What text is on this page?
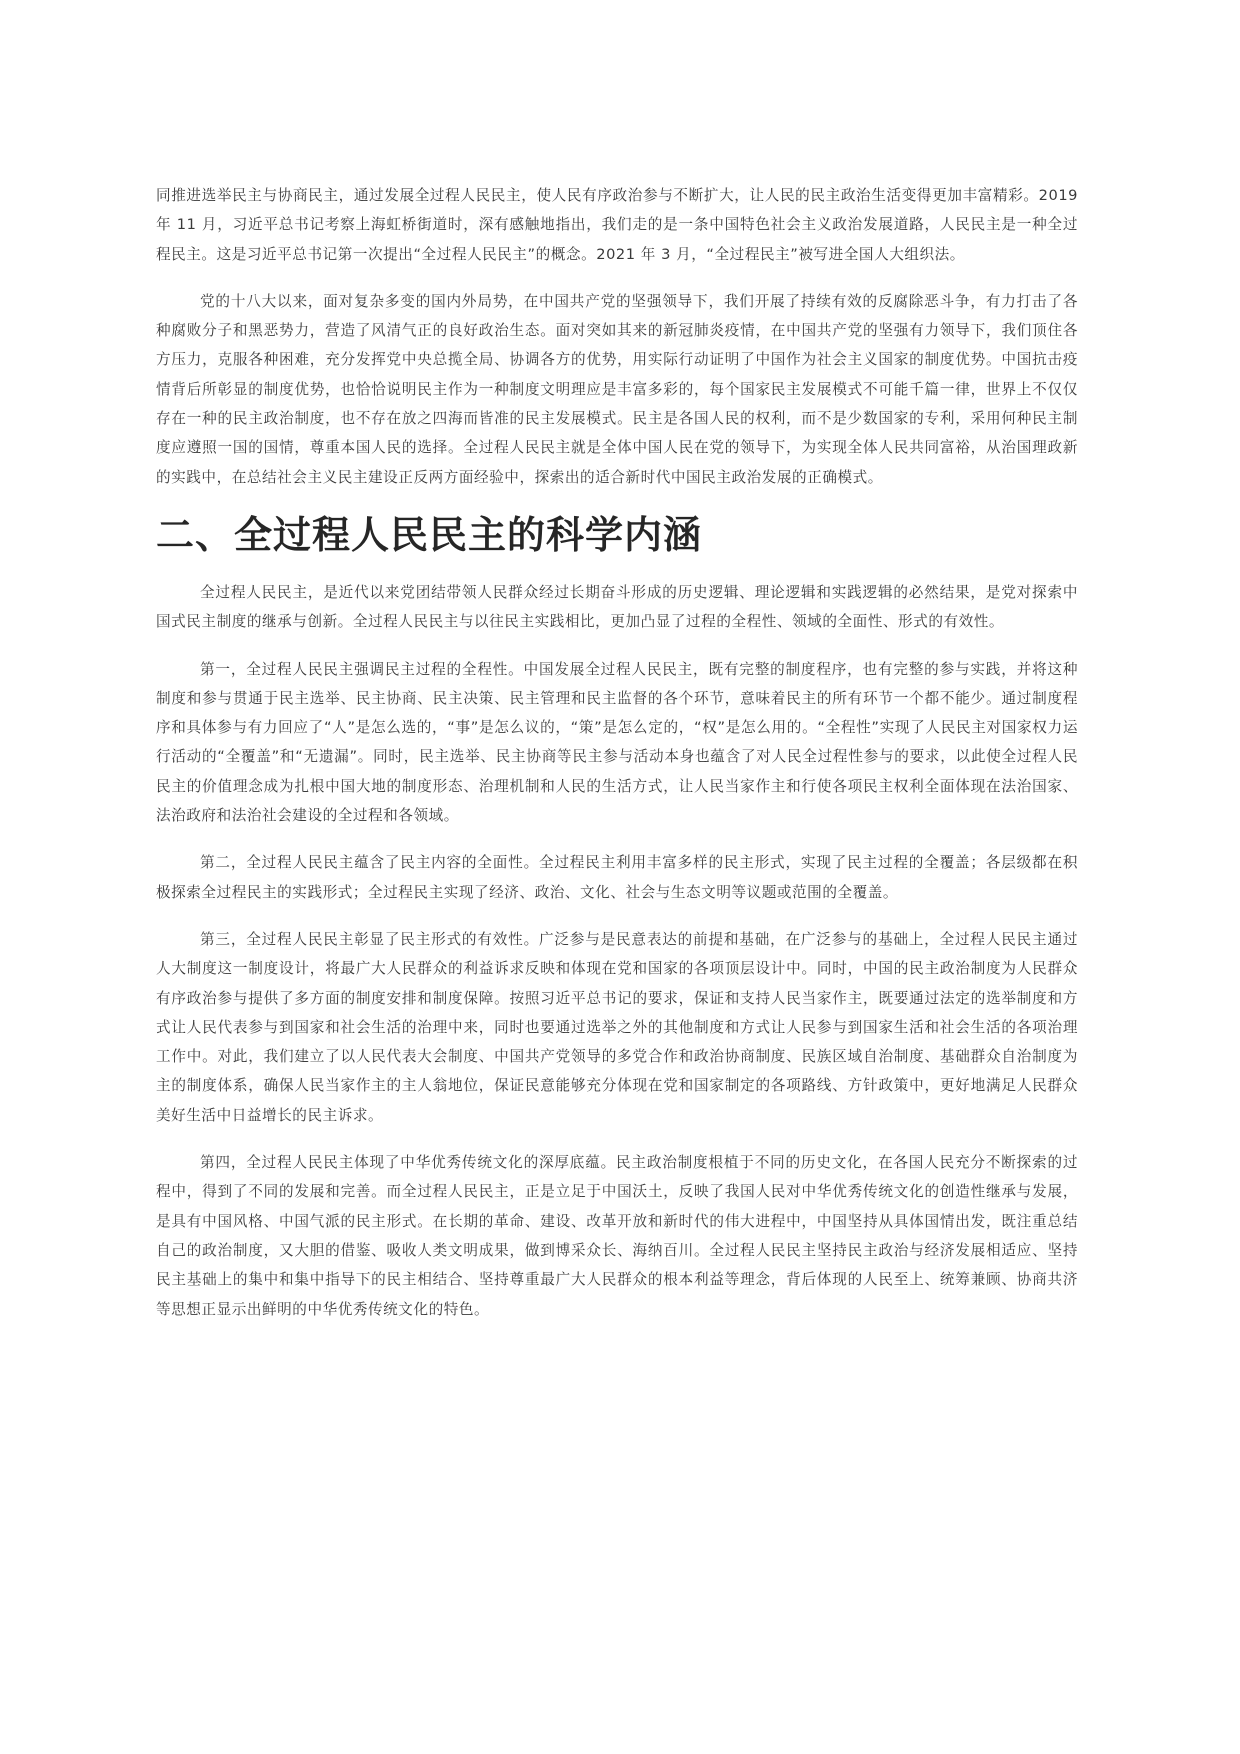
同推进选举民主与协商民主，通过发展全过程人民民主，使人民有序政治参与不断扩大，让人民的民主政治生活变得更加丰富精彩。2019 年 11 月，习近平总书记考察上海虹桥街道时，深有感触地指出，我们走的是一条中国特色社会主义政治发展道路，人民民主是一种全过程民主。这是习近平总书记第一次提出“全过程人民民主”的概念。2021 年 3 月，“全过程民主”被写进全国人大组织法。

党的十八大以来，面对复杂多变的国内外局势，在中国共产党的坚强领导下，我们开展了持续有效的反腐除恶斗争，有力打击了各种腐败分子和黑恶势力，营造了风清气正的良好政治生态。面对突如其来的新冠肺炎疫情，在中国共产党的坚强有力领导下，我们顶住各方压力，克服各种困难，充分发挥党中央总揽全局、协调各方的优势，用实际行动证明了中国作为社会主义国家的制度优势。中国抗击疫情背后所彰显的制度优势，也恰恰说明民主作为一种制度文明理应是丰富多彩的，每个国家民主发展模式不可能千篇一律，世界上不仅仅存在一种的民主政治制度，也不存在放之四海而皆准的民主发展模式。民主是各国人民的权利，而不是少数国家的专利，采用何种民主制度应遵照一国的国情，尊重本国人民的选择。全过程人民民主就是全体中国人民在党的领导下，为实现全体人民共同富裕，从治国理政新的实践中，在总结社会主义民主建设正反两方面经验中，探索出的适合新时代中国民主政治发展的正确模式。

二、全过程人民民主的科学内涵

全过程人民民主，是近代以来党团结带领人民群众经过长期奋斗形成的历史逻辑、理论逻辑和实践逻辑的必然结果，是党对探索中国式民主制度的继承与创新。全过程人民民主与以往民主实践相比，更加凸显了过程的全程性、领域的全面性、形式的有效性。

第一，全过程人民民主强调民主过程的全程性。中国发展全过程人民民主，既有完整的制度程序，也有完整的参与实践，并将这种制度和参与贯通于民主选举、民主协商、民主决策、民主管理和民主监督的各个环节，意味着民主的所有环节一个都不能少。通过制度程序和具体参与有力回应了“人”是怎么选的，“事”是怎么议的，“策”是怎么定的，“权”是怎么用的。“全程性”实现了人民民主对国家权力运行活动的“全覆盖”和“无遗漏”。同时，民主选举、民主协商等民主参与活动本身也蕴含了对人民全过程性参与的要求，以此使全过程人民民主的价值理念成为扎根中国大地的制度形态、治理机制和人民的生活方式，让人民当家作主和行使各项民主权利全面体现在法治国家、法治政府和法治社会建设的全过程和各领域。

第二，全过程人民民主蕴含了民主内容的全面性。全过程民主利用丰富多样的民主形式，实现了民主过程的全覆盖；各层级都在积极探索全过程民主的实践形式；全过程民主实现了经济、政治、文化、社会与生态文明等议题或范围的全覆盖。

第三，全过程人民民主彰显了民主形式的有效性。广泛参与是民意表达的前提和基础，在广泛参与的基础上，全过程人民民主通过人大制度这一制度设计，将最广大人民群众的利益诉求反映和体现在党和国家的各项顶层设计中。同时，中国的民主政治制度为人民群众有序政治参与提供了多方面的制度安排和制度保障。按照习近平总书记的要求，保证和支持人民当家作主，既要通过法定的选举制度和方式让人民代表参与到国家和社会生活的治理中来，同时也要通过选举之外的其他制度和方式让人民参与到国家生活和社会生活的各项治理工作中。对此，我们建立了以人民代表大会制度、中国共产党领导的多党合作和政治协商制度、民族区域自治制度、基础群众自治制度为主的制度体系，确保人民当家作主的主人翁地位，保证民意能够充分体现在党和国家制定的各项路线、方针政策中，更好地满足人民群众美好生活中日益增长的民主诉求。

第四，全过程人民民主体现了中华优秀传统文化的深厚底蕴。民主政治制度根植于不同的历史文化，在各国人民充分不断探索的过程中，得到了不同的发展和完善。而全过程人民民主，正是立足于中国沃土，反映了我国人民对中华优秀传统文化的创造性继承与发展，是具有中国风格、中国气派的民主形式。在长期的革命、建设、改革开放和新时代的伟大进程中，中国坚持从具体国情出发，既注重总结自己的政治制度，又大胆的借鉴、吸收人类文明成果，做到博采众长、海纳百川。全过程人民民主坚持民主政治与经济发展相适应、坚持民主基础上的集中和集中指导下的民主相结合、坚持尊重最广大人民群众的根本利益等理念，背后体现的人民至上、统筹兼顾、协商共济等思想正显示出鲜明的中华优秀传统文化的特色。
